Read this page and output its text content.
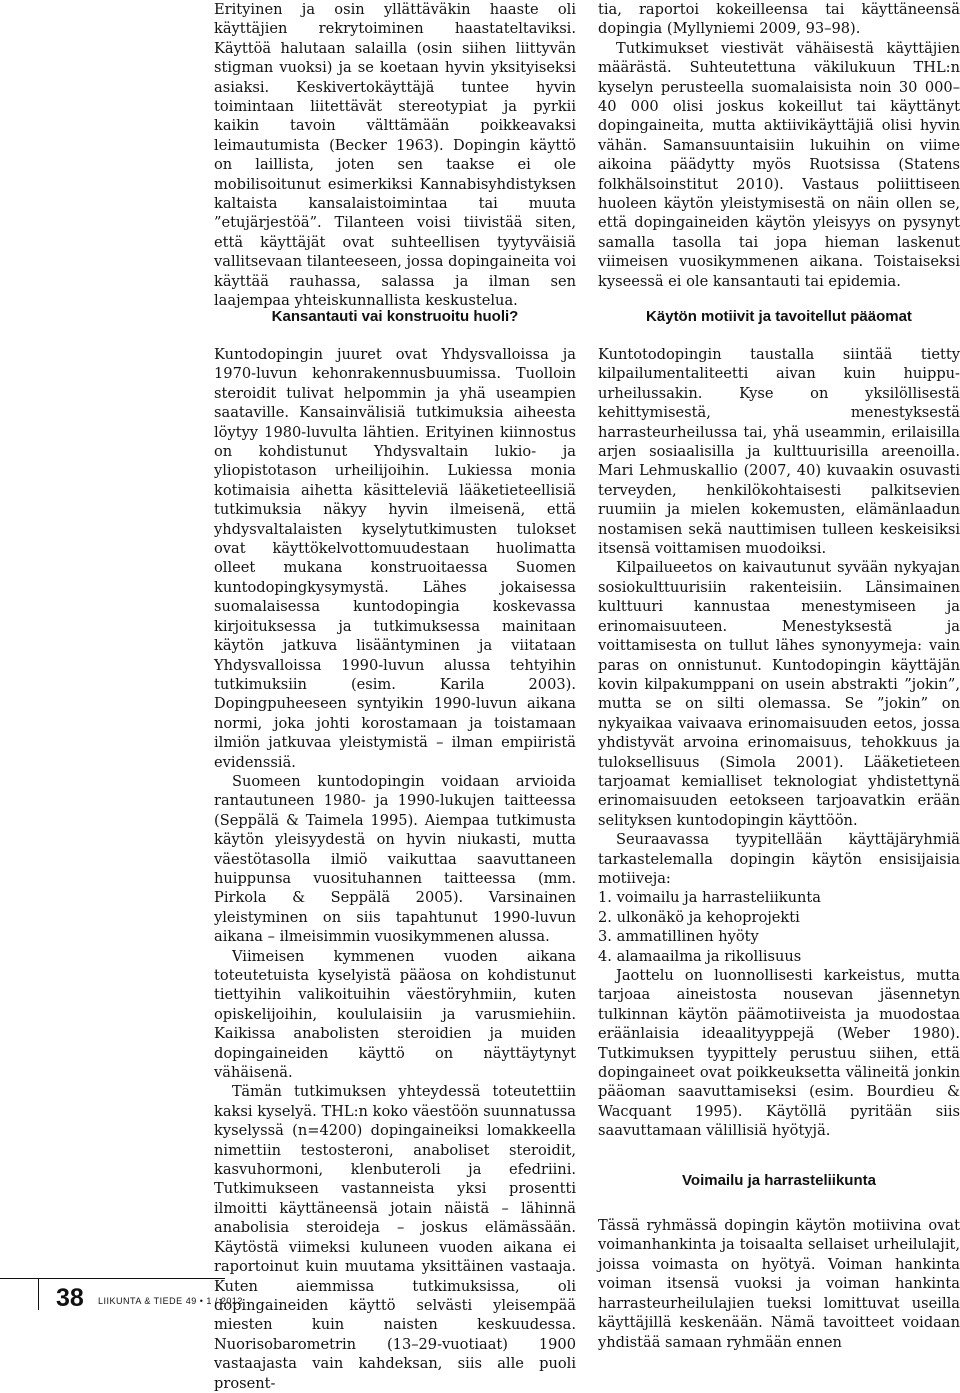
Erityinen ja osin yllättäväkin haaste oli käyttäjien rekrytoiminen haastateltaviksi. Käyttöä halutaan salailla (osin siihen liittyvän stigman vuoksi) ja se koetaan hyvin yksityiseksi asiaksi. Keskivertokäyttäjä tuntee hyvin toimintaan liitettävät stereotypiat ja pyrkii kaikin tavoin välttämään poikkeavaksi leimautumista (Becker 1963). Dopingin käyttö on laillista, joten sen taakse ei ole mobilisoitunut esimerkiksi Kannabisyhdistyksen kaltaista kansalaistoimintaa tai muuta ”etujärjestöä”. Tilanteen voisi tiivistää siten, että käyttäjät ovat suhteellisen tyytyväisiä vallitsevaan tilanteeseen, jossa dopingaineita voi käyttää rauhassa, salassa ja ilman sen laajempaa yhteiskunnallista keskustelua.

tia, raportoi kokeilleensa tai käyttäneensä dopingia (Myllyniemi 2009, 93–98).

Tutkimukset viestivät vähäisestä käyttäjien määrästä. Suhteutettuna väkilukuun THL:n kyselyn perusteella suomalaisista noin 30 000–40 000 olisi joskus kokeillut tai käyttänyt dopingaineita, mutta aktiivikäyttäjiä olisi hyvin vähän. Samansuuntaisiin lukuihin on viime aikoina päädytty myös Ruotsissa (Statens folkhälsoinstitut 2010). Vastaus poliittiseen huoleen käytön yleistymisestä on näin ollen se, että dopingaineiden käytön yleisyys on pysynyt samalla tasolla tai jopa hieman laskenut viimeisen vuosikymmenen aikana. Toistaiseksi kyseessä ei ole kansantauti tai epidemia.

Kansantauti vai konstruoitu huoli?	Käytön motiivit ja tavoitellut pääomat

Kuntodopingin juuret ovat Yhdysvalloissa ja 1970-luvun kehonrakennusbuumissa. Tuolloin steroidit tulivat helpommin ja yhä useampien saataville. Kansainvälisiä tutkimuksia aiheesta löytyy 1980-luvulta lähtien. Erityinen kiinnostus on kohdistunut Yhdysvaltain lukio- ja yliopistotason urheilijoihin. Lukiessa monia kotimaisia aihetta käsitteleviä lääketieteellisiä tutkimuksia näkyy hyvin ilmeisenä, että yhdysvaltalaisten kyselytutkimusten tulokset ovat käyttökelvottomuudestaan huolimatta olleet mukana konstruoitaessa Suomen kuntodopingkysymystä. Lähes jokaisessa suomalaisessa kuntodopingia koskevassa kirjoituksessa ja tutkimuksessa mainitaan käytön jatkuva lisääntyminen ja viitataan Yhdysvalloissa 1990-luvun alussa tehtyihin tutkimuksiin (esim. Karila 2003). Dopingpuheeseen syntyikin 1990-luvun aikana normi, joka johti korostamaan ja toistamaan ilmiön jatkuvaa yleistymistä – ilman empiiristä evidenssiä.

Suomeen kuntodopingin voidaan arvioida rantautuneen 1980- ja 1990-lukujen taitteessa (Seppälä & Taimela 1995). Aiempaa tutkimusta käytön yleisyydestä on hyvin niukasti, mutta väestötasolla ilmiö vaikuttaa saavuttaneen huippunsa vuosituhannen taitteessa (mm. Pirkola & Seppälä 2005). Varsinainen yleistyminen on siis tapahtunut 1990-luvun aikana – ilmeisimmin vuosikymmenen alussa.

Viimeisen kymmenen vuoden aikana toteutetuista kyselyistä pääosa on kohdistunut tiettyihin valikoituihin väestöryhmiin, kuten opiskelijoihin, koululaisiin ja varusmiehiin. Kaikissa anabolisten steroidien ja muiden dopingaineiden käyttö on näyttäytynyt vähäisenä.

Tämän tutkimuksen yhteydessä toteutettiin kaksi kyselyä. THL:n koko väestöön suunnatussa kyselyssä (n=4200) dopingaineiksi lomakkeella nimettiin testosteroni, anaboliset steroidit, kasvuhormoni, klenbuteroli ja efedriini. Tutkimukseen vastanneista yksi prosentti ilmoitti käyttäneensä jotain näistä – lähinnä anabolisia steroideja – joskus elämässään. Käytöstä viimeksi kuluneen vuoden aikana ei raportoinut kuin muutama yksittäinen vastaaja. Kuten aiemmissa tutkimuksissa, oli dopingaineiden käyttö selvästi yleisempää miesten kuin naisten keskuudessa. Nuorisobarometrin (13–29-vuotiaat) 1900 vastaajasta vain kahdeksan, siis alle puoli prosent-

Kuntotodopingin taustalla siintää tietty kilpailumentaliteetti aivan kuin huippu-urheilussakin. Kyse on yksilöllisestä kehittymisestä, menestyksestä harrasteurheilussa tai, yhä useammin, erilaisilla arjen sosiaalisilla ja kulttuurisilla areenoilla. Mari Lehmuskallio (2007, 40) kuvaakin osuvasti terveyden, henkilökohtaisesti palkitsevien ruumiin ja mielen kokemusten, elämänlaadun nostamisen sekä nauttimisen tulleen keskeisiksi itsensä voittamisen muodoiksi.

Kilpailueetos on kaivautunut syvään nykyajan sosiokulttuurisiin rakenteisiin. Länsimainen kulttuuri kannustaa menestymiseen ja erinomaisuuteen. Menestyksestä ja voittamisesta on tullut lähes synonyymeja: vain paras on onnistunut. Kuntodopingin käyttäjän kovin kilpakumppani on usein abstrakti ”jokin”, mutta se on silti olemassa. Se ”jokin” on nykyaikaa vaivaava erinomaisuuden eetos, jossa yhdistyvät arvoina erinomaisuus, tehokkuus ja tuloksellisuus (Simola 2001). Lääketieteen tarjoamat kemialliset teknologiat yhdistettynä erinomaisuuden eetokseen tarjoavatkin erään selityksen kuntodopingin käyttöön.

Seuraavassa tyypitellään käyttäjäryhmiä tarkastelemalla dopingin käytön ensisijaisia motiiveja:

1. voimailu ja harrasteliikunta

2. ulkonäkö ja kehoprojekti

3. ammatillinen hyöty

4. alamaailma ja rikollisuus

Jaottelu on luonnollisesti karkeistus, mutta tarjoaa aineistosta nousevan jäsennetyn tulkinnan käytön päämotiiveista ja muodostaa eräänlaisia ideaalityyppejä (Weber 1980). Tutkimuksen tyypittely perustuu siihen, että dopingaineet ovat poikkeuksetta välineitä jonkin pääoman saavuttamiseksi (esim. Bourdieu & Wacquant 1995). Käytöllä pyritään siis saavuttamaan välillisiä hyötyjä.

Voimailu ja harrasteliikunta

Tässä ryhmässä dopingin käytön motiivina ovat voimanhankinta ja toisaalta sellaiset urheilulajit, joissa voimasta on hyötyä. Voiman hankinta voiman itsensä vuoksi ja voiman hankinta harrasteurheilulajien tueksi lomittuvat useilla käyttäjillä keskenään. Nämä tavoitteet voidaan yhdistää samaan ryhmään ennen

38 LIIKUNTA & TIEDE 49 • 1 / 2012
